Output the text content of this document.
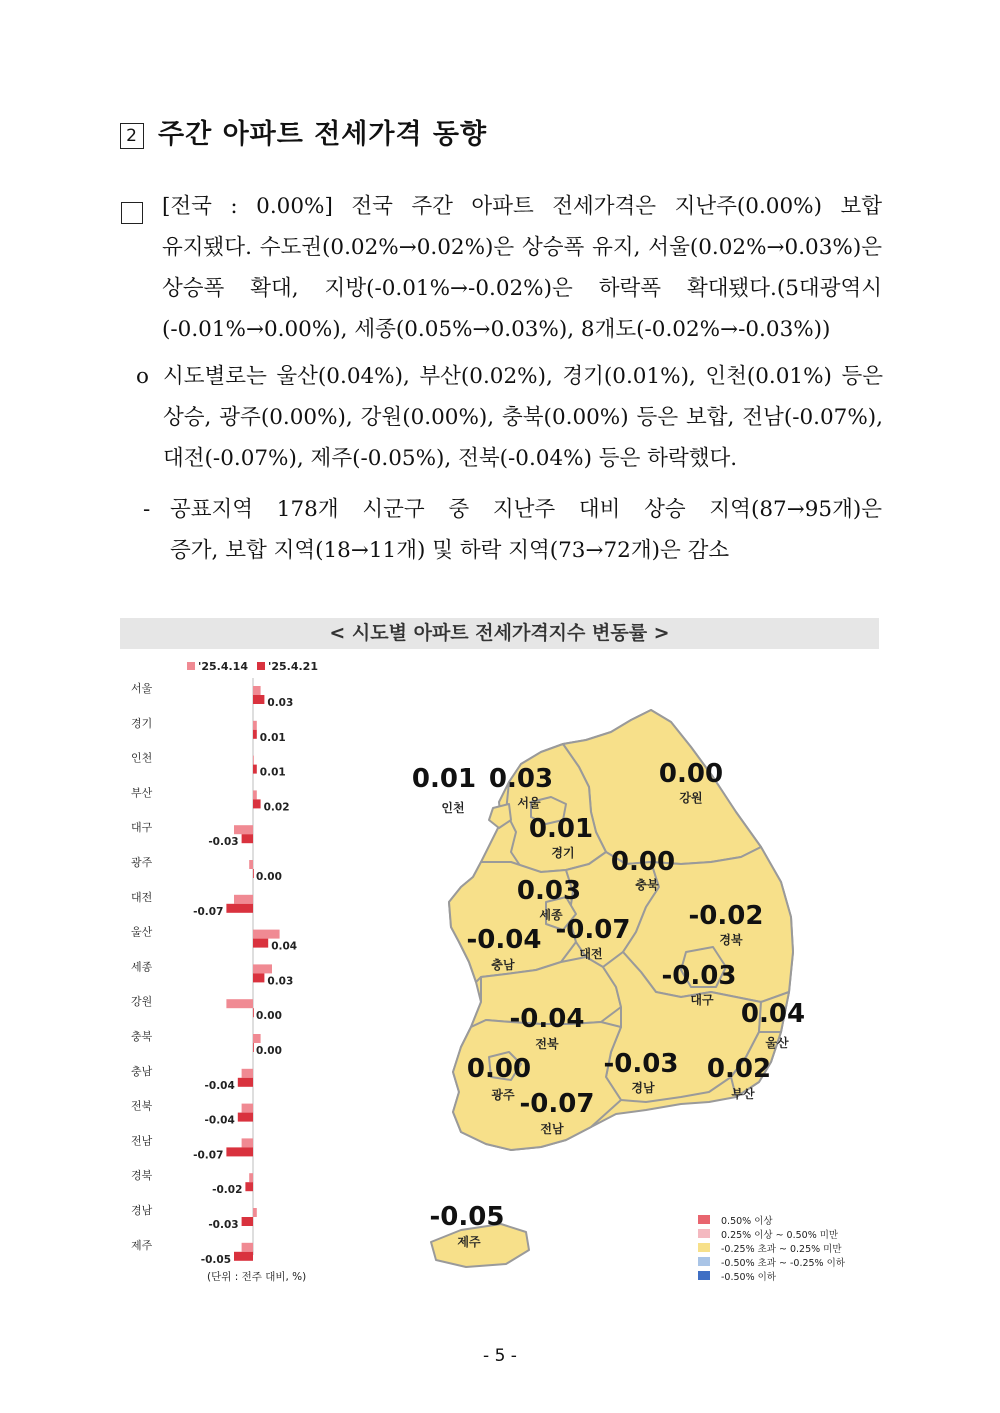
2 주간 아파트 전세가격 동향
[전국 : 0.00%] 전국 주간 아파트 전세가격은 지난주(0.00%) 보합
유지됐다. 수도권(0.02%→0.02%)은 상승폭 유지, 서울(0.02%→0.03%)은
상승폭 확대, 지방(-0.01%→-0.02%)은 하락폭 확대됐다.(5대광역시
(-0.01%→0.00%), 세종(0.05%→0.03%), 8개도(-0.02%→-0.03%))
o 시도별로는 울산(0.04%), 부산(0.02%), 경기(0.01%), 인천(0.01%) 등은
상승, 광주(0.00%), 강원(0.00%), 충북(0.00%) 등은 보합, 전남(-0.07%),
대전(-0.07%), 제주(-0.05%), 전북(-0.04%) 등은 하락했다.
- 공표지역 178개 시군구 중 지난주 대비 상승 지역(87→95개)은
증가, 보합 지역(18→11개) 및 하락 지역(73→72개)은 감소
< 시도별 아파트 전세가격지수 변동률 >
'25.4.14 '25.4.21
서울
0.03
경기
0.01
인천
0.01
부산
0.02
대구
-0.03
광주
0.00
대전
-0.07
울산
0.04
세종
0.03
강원
0.00
충북
0.00
충남
-0.04
전북
-0.04
전남
-0.07
경북
-0.02
경남
-0.03
제주
-0.05
(단위 : 전주 대비, %)
0.01
인천
0.03
서울
0.00
강원
0.01
경기 0.00
충북
0.03
세종	-0.02
경북
-0.04
충남
-0.07
대전
-0.03
대구
-0.04
전북
0.04
울산
0.00
광주
-0.03
경남
0.02
부산
-0.07
전남
-0.05
제주
0.50% 이상
0.25% 이상 ~ 0.50% 미만
-0.25% 초과 ~ 0.25% 미만
-0.50% 초과 ~ -0.25% 이하
-0.50% 이하
- 5 -
